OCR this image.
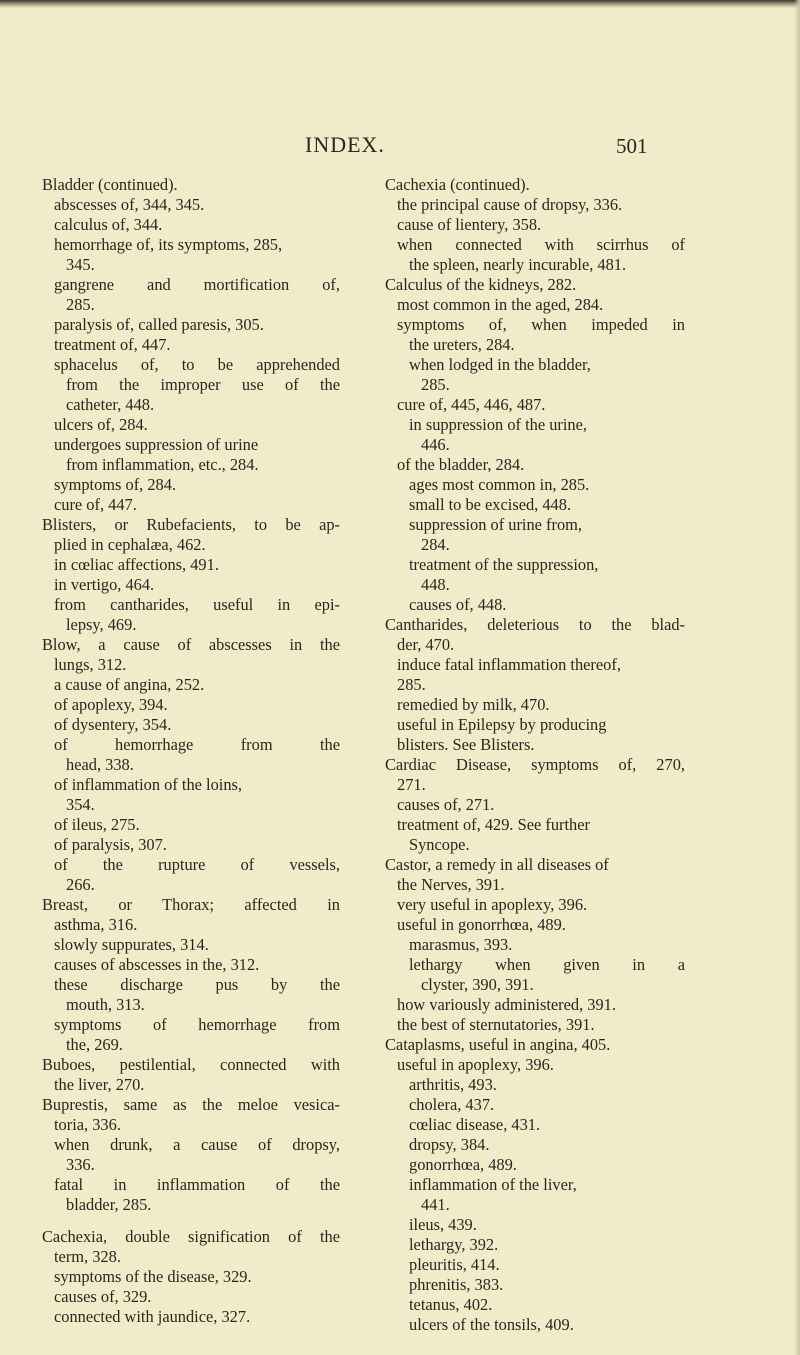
INDEX.	501
Bladder (continued).
abscesses of, 344, 345.
calculus of, 344.
hemorrhage of, its symptoms, 285,
345.
gangrene and mortification of,
285.
paralysis of, called paresis, 305.
treatment of, 447.
sphacelus of, to be apprehended
from the improper use of the
catheter, 448.
ulcers of, 284.
undergoes suppression of urine
from inflammation, etc., 284.
symptoms of, 284.
cure of, 447.
Blisters, or Rubefacients, to be ap-
plied in cephalæa, 462.
in cœliac affections, 491.
in vertigo, 464.
from cantharides, useful in epi-
lepsy, 469.
Blow, a cause of abscesses in the
lungs, 312.
a cause of angina, 252.
of apoplexy, 394.
of dysentery, 354.
of hemorrhage from the
head, 338.
of inflammation of the loins,
354.
of ileus, 275.
of paralysis, 307.
of the rupture of vessels,
266.
Breast, or Thorax; affected in
asthma, 316.
slowly suppurates, 314.
causes of abscesses in the, 312.
these discharge pus by the
mouth, 313.
symptoms of hemorrhage from
the, 269.
Buboes, pestilential, connected with
the liver, 270.
Buprestis, same as the meloe vesica-
toria, 336.
when drunk, a cause of dropsy,
336.
fatal in inflammation of the
bladder, 285.
Cachexia, double signification of the
term, 328.
symptoms of the disease, 329.
causes of, 329.
connected with jaundice, 327.
Cachexia (continued).
the principal cause of dropsy, 336.
cause of lientery, 358.
when connected with scirrhus of
the spleen, nearly incurable, 481.
Calculus of the kidneys, 282.
most common in the aged, 284.
symptoms of, when impeded in
the ureters, 284.
when lodged in the bladder,
285.
cure of, 445, 446, 487.
in suppression of the urine,
446.
of the bladder, 284.
ages most common in, 285.
small to be excised, 448.
suppression of urine from,
284.
treatment of the suppression,
448.
causes of, 448.
Cantharides, deleterious to the blad-
der, 470.
induce fatal inflammation thereof,
285.
remedied by milk, 470.
useful in Epilepsy by producing
blisters. See Blisters.
Cardiac Disease, symptoms of, 270,
271.
causes of, 271.
treatment of, 429. See further
Syncope.
Castor, a remedy in all diseases of
the Nerves, 391.
very useful in apoplexy, 396.
useful in gonorrhœa, 489.
marasmus, 393.
lethargy when given in a
clyster, 390, 391.
how variously administered, 391.
the best of sternutatories, 391.
Cataplasms, useful in angina, 405.
useful in apoplexy, 396.
arthritis, 493.
cholera, 437.
cœliac disease, 431.
dropsy, 384.
gonorrhœa, 489.
inflammation of the liver,
441.
ileus, 439.
lethargy, 392.
pleuritis, 414.
phrenitis, 383.
tetanus, 402.
ulcers of the tonsils, 409.
